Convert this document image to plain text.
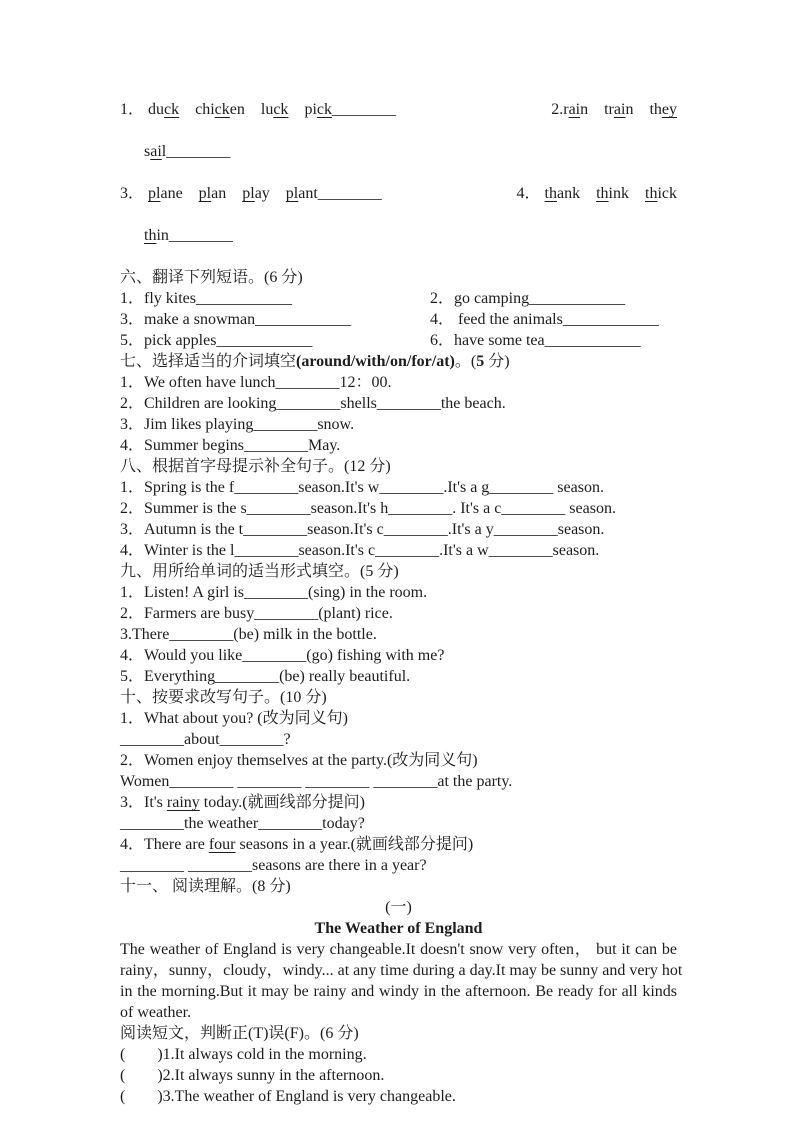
1． duck    chicken    luck    pick________	2.rain    train    they

sail________

3． plane    plan    play    plant________	4． thank    think    thick

thin________

六、翻译下列短语。(6 分)
1．fly kites____________	2．go camping____________
3．make a snowman____________	4． feed the animals____________
5．pick apples____________	6．have some tea____________
七、选择适当的介词填空(around/with/on/for/at)。(5 分)
1．We often have lunch________12：00.
2．Children are looking________shells________the beach.
3．Jim likes playing________snow.
4．Summer begins________May.
八、根据首字母提示补全句子。(12 分)
1．Spring is the f________season.It's w________.It's a g________ season.
2．Summer is the s________season.It's h________. It's a c________ season.
3．Autumn is the t________season.It's c________.It's a y________season.
4．Winter is the l________season.It's c________.It's a w________season.
九、用所给单词的适当形式填空。(5 分)
1．Listen! A girl is________(sing) in the room.
2．Farmers are busy________(plant) rice.
3.There________(be) milk in the bottle.
4．Would you like________(go) fishing with me?
5．Everything________(be) really beautiful.
十、按要求改写句子。(10 分)
1．What about you? (改为同义句)
________about________?
2．Women enjoy themselves at the party.(改为同义句)
Women________ ________ ________ ________at the party.
3．It's rainy today.(就画线部分提问)
________the weather________today?
4．There are four seasons in a year.(就画线部分提问)
________ ________seasons are there in a year?
十一、 阅读理解。(8 分)
(一)
The Weather of England
The weather of England is very changeable.It doesn't snow very often， but it can be
rainy，sunny，cloudy，windy... at any time during a day.It may be sunny and very hot
in the morning.But it may be rainy and windy in the afternoon. Be ready for all kinds
of weather.
阅读短文，判断正(T)误(F)。(6 分)
(        )1.It always cold in the morning.
(        )2.It always sunny in the afternoon.
(        )3.The weather of England is very changeable.
